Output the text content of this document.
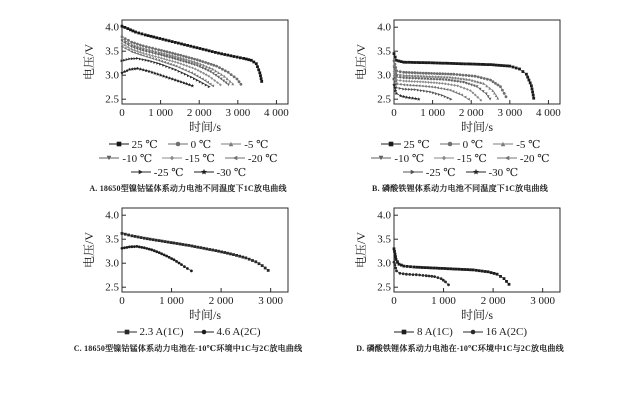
0 1 000 2 000 3 000 4 000
2.5
3.0
3.5
4.0
时间/s
电压/V
25 ℃	0 ℃	-5 ℃
-10 ℃	-15 ℃	-20 ℃
-25 ℃	-30 ℃
A. 18650型镍钴锰体系动力电池不同温度下1C放电曲线
0 1 000 2 000 3 000 4 000
2.5
3.0
3.5
4.0
时间/s
电压/V
25 ℃	0 ℃	-5 ℃
-10 ℃	-15 ℃	-20 ℃
-25 ℃	-30 ℃
B. 磷酸铁锂体系动力电池不同温度下1C放电曲线
0	1 000 2 000 3 000
2.5
3.0
3.5
4.0
时间/s
电压/V
2.3 A(1C)	4.6 A(2C)
C. 18650型镍钴锰体系动力电池在-10℃环境中1C与2C放电曲线
0	1 000 2 000 3 000
2.5
3.0
3.5
4.0
时间/s
电压/V
8 A(1C)	16 A(2C)
D. 磷酸铁锂体系动力电池在-10℃环境中1C与2C放电曲线
